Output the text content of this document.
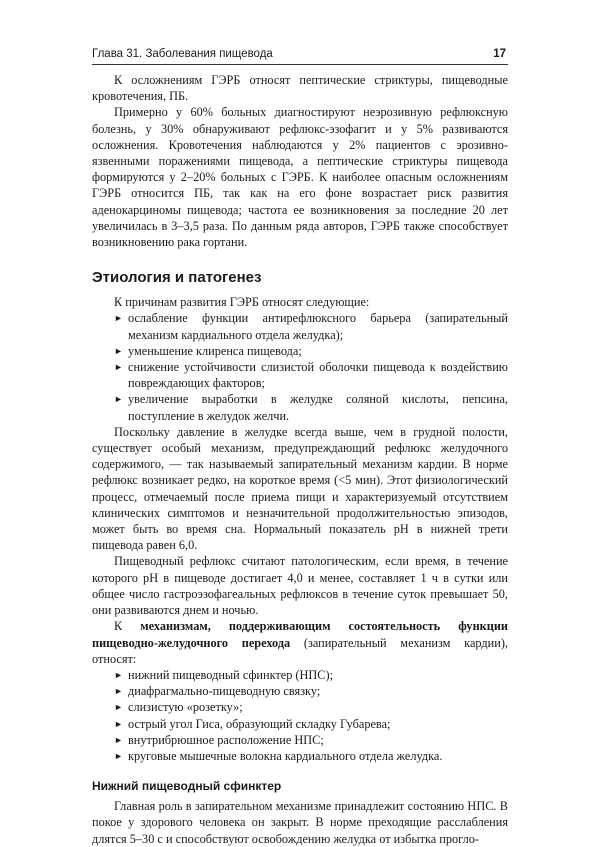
Глава 31. Заболевания пищевода	17

К осложнениям ГЭРБ относят пептические стриктуры, пищеводные кровотечения, ПБ.

Примерно у 60% больных диагностируют неэрозивную рефлюксную болезнь, у 30% обнаруживают рефлюкс-эзофагит и у 5% развиваются осложнения. Кровотечения наблюдаются у 2% пациентов с эрозивно-язвенными поражениями пищевода, а пептические стриктуры пищевода формируются у 2–20% больных с ГЭРБ. К наиболее опасным осложнениям ГЭРБ относится ПБ, так как на его фоне возрастает риск развития аденокарциномы пищевода; частота ее возникновения за последние 20 лет увеличилась в 3–3,5 раза. По данным ряда авторов, ГЭРБ также способствует возникновению рака гортани.

Этиология и патогенез

К причинам развития ГЭРБ относят следующие:

► ослабление функции антирефлюксного барьера (запирательный механизм кардиального отдела желудка);
► уменьшение клиренса пищевода;
► снижение устойчивости слизистой оболочки пищевода к воздействию повреждающих факторов;
► увеличение выработки в желудке соляной кислоты, пепсина, поступление в желудок желчи.

Поскольку давление в желудке всегда выше, чем в грудной полости, существует особый механизм, предупреждающий рефлюкс желудочного содержимого, — так называемый запирательный механизм кардии. В норме рефлюкс возникает редко, на короткое время (<5 мин). Этот физиологический процесс, отмечаемый после приема пищи и характеризуемый отсутствием клинических симптомов и незначительной продолжительностью эпизодов, может быть во время сна. Нормальный показатель рН в нижней трети пищевода равен 6,0.

Пищеводный рефлюкс считают патологическим, если время, в течение которого рН в пищеводе достигает 4,0 и менее, составляет 1 ч в сутки или общее число гастроэзофагеальных рефлюксов в течение суток превышает 50, они развиваются днем и ночью.

К механизмам, поддерживающим состоятельность функции пищеводно-желудочного перехода (запирательный механизм кардии), относят:

► нижний пищеводный сфинктер (НПС);
► диафрагмально-пищеводную связку;
► слизистую «розетку»;
► острый угол Гиса, образующий складку Губарева;
► внутрибрюшное расположение НПС;
► круговые мышечные волокна кардиального отдела желудка.
Нижний пищеводный сфинктер

Главная роль в запирательном механизме принадлежит состоянию НПС. В покое у здорового человека он закрыт. В норме преходящие расслабления длятся 5–30 с и способствуют освобождению желудка от избытка прогло-
